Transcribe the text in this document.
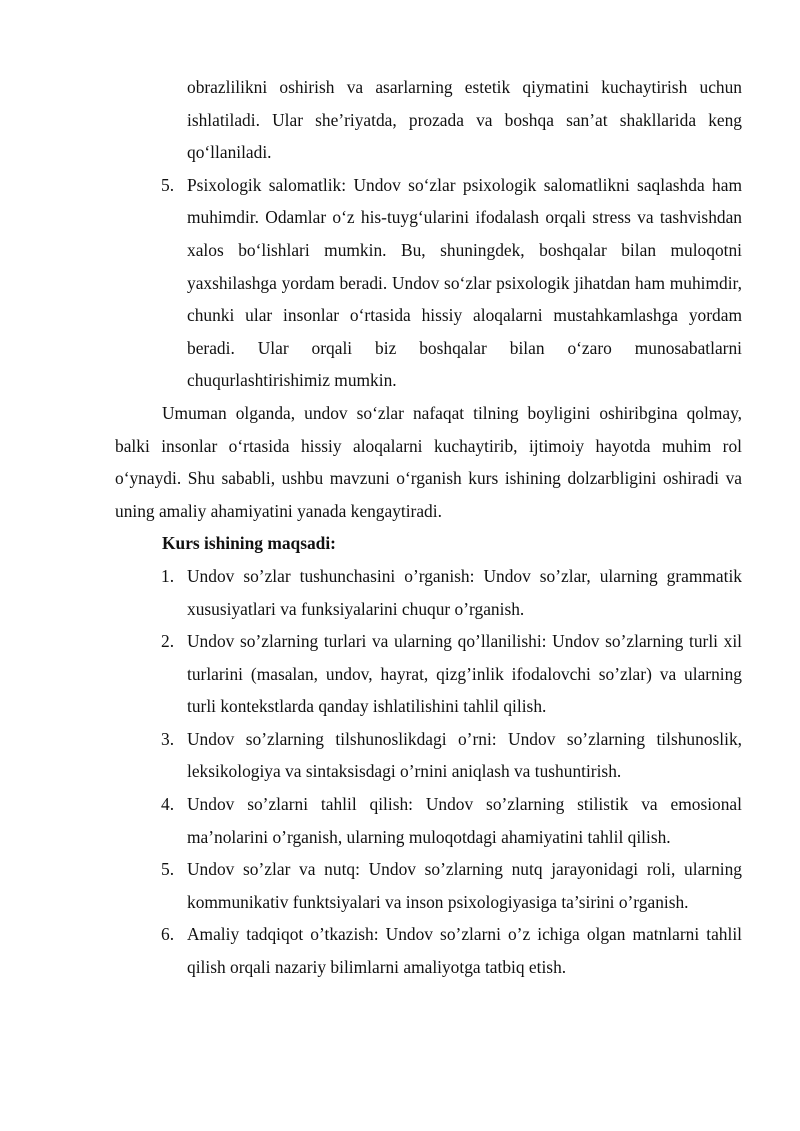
obrazlilikni oshirish va asarlarning estetik qiymatini kuchaytirish uchun ishlatiladi. Ular she’riyatda, prozada va boshqa san’at shakllarida keng qo‘llaniladi.

5. Psixologik salomatlik: Undov so‘zlar psixologik salomatlikni saqlashda ham muhimdir. Odamlar o‘z his-tuyg‘ularini ifodalash orqali stress va tashvishdan xalos bo‘lishlari mumkin. Bu, shuningdek, boshqalar bilan muloqotni yaxshilashga yordam beradi. Undov so‘zlar psixologik jihatdan ham muhimdir, chunki ular insonlar o‘rtasida hissiy aloqalarni mustahkamlashga yordam beradi. Ular orqali biz boshqalar bilan o‘zaro munosabatlarni chuqurlashtirishimiz mumkin.

Umuman olganda, undov so‘zlar nafaqat tilning boyligini oshiribgina qolmay, balki insonlar o‘rtasida hissiy aloqalarni kuchaytirib, ijtimoiy hayotda muhim rol o‘ynaydi. Shu sababli, ushbu mavzuni o‘rganish kurs ishining dolzarbligini oshiradi va uning amaliy ahamiyatini yanada kengaytiradi.

Kurs ishining maqsadi:

1. Undov so’zlar tushunchasini o’rganish: Undov so’zlar, ularning grammatik xususiyatlari va funksiyalarini chuqur o’rganish.

2. Undov so’zlarning turlari va ularning qo’llanilishi: Undov so’zlarning turli xil turlarini (masalan, undov, hayrat, qizg’inlik ifodalovchi so’zlar) va ularning turli kontekstlarda qanday ishlatilishini tahlil qilish.

3. Undov so’zlarning tilshunoslikdagi o’rni: Undov so’zlarning tilshunoslik, leksikologiya va sintaksisdagi o’rnini aniqlash va tushuntirish.

4. Undov so’zlarni tahlil qilish: Undov so’zlarning stilistik va emosional ma’nolarini o’rganish, ularning muloqotdagi ahamiyatini tahlil qilish.

5. Undov so’zlar va nutq: Undov so’zlarning nutq jarayonidagi roli, ularning kommunikativ funktsiyalari va inson psixologiyasiga ta’sirini o’rganish.

6. Amaliy tadqiqot o’tkazish: Undov so’zlarni o’z ichiga olgan matnlarni tahlil qilish orqali nazariy bilimlarni amaliyotga tatbiq etish.
